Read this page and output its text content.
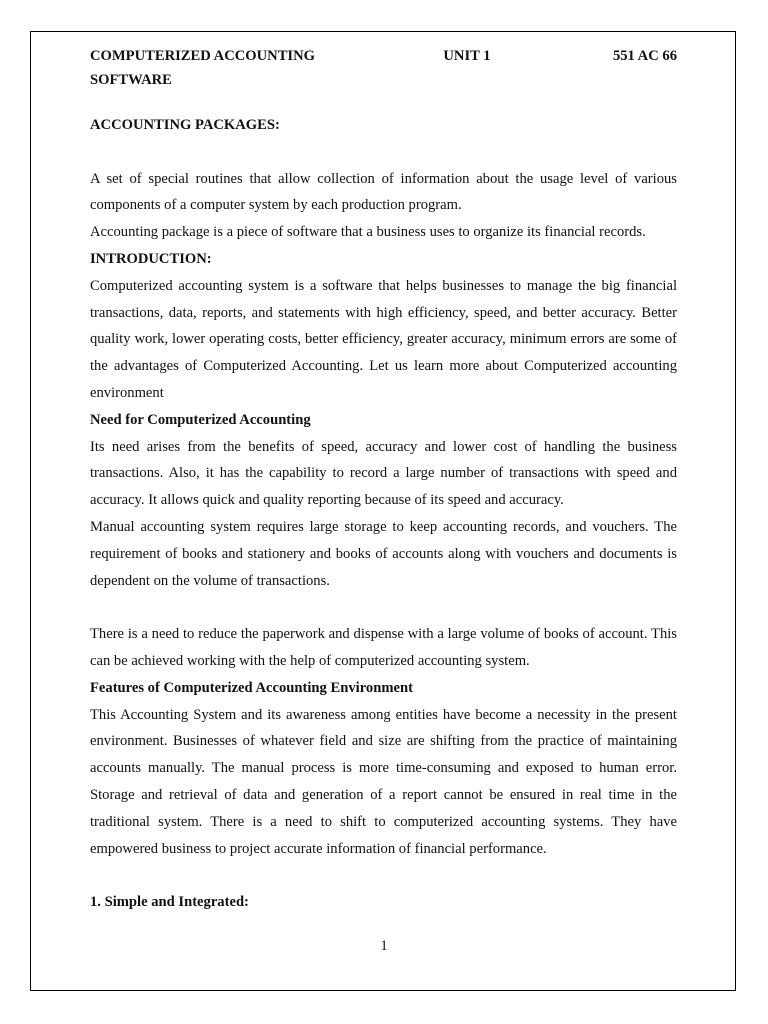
COMPUTERIZED ACCOUNTING SOFTWARE
UNIT 1	551 AC 66
ACCOUNTING PACKAGES:

A set of special routines that allow collection of information about the usage level of various components of a computer system by each production program.

Accounting package is a piece of software that a business uses to organize its financial records.

INTRODUCTION:

Computerized accounting system is a software that helps businesses to manage the big financial transactions, data, reports, and statements with high efficiency, speed, and better accuracy. Better quality work, lower operating costs, better efficiency, greater accuracy, minimum errors are some of the advantages of Computerized Accounting. Let us learn more about Computerized accounting environment

Need for Computerized Accounting

Its need arises from the benefits of speed, accuracy and lower cost of handling the business transactions. Also, it has the capability to record a large number of transactions with speed and accuracy. It allows quick and quality reporting because of its speed and accuracy.

Manual accounting system requires large storage to keep accounting records, and vouchers. The requirement of books and stationery and books of accounts along with vouchers and documents is dependent on the volume of transactions.

There is a need to reduce the paperwork and dispense with a large volume of books of account. This can be achieved working with the help of computerized accounting system.

Features of Computerized Accounting Environment

This Accounting System and its awareness among entities have become a necessity in the present environment. Businesses of whatever field and size are shifting from the practice of maintaining accounts manually. The manual process is more time-consuming and exposed to human error. Storage and retrieval of data and generation of a report cannot be ensured in real time in the traditional system. There is a need to shift to computerized accounting systems. They have empowered business to project accurate information of financial performance.

1. Simple and Integrated:
1
